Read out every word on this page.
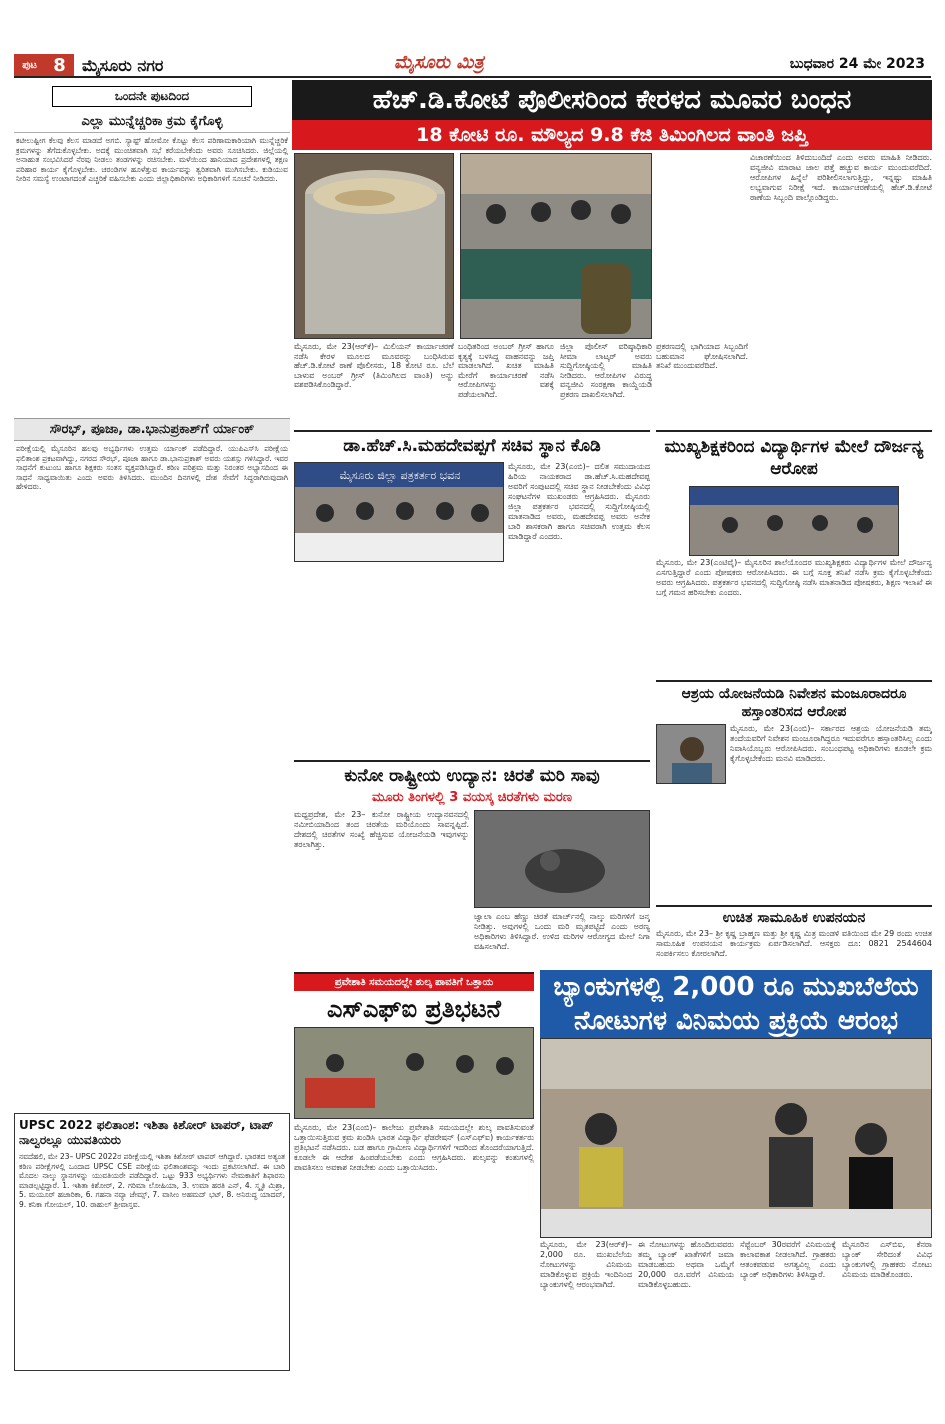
ಪುಟ 8 ಮೈಸೂರು ನಗರ	ಮೈಸೂರು ಮಿತ್ರ	ಬುಧವಾರ 24 ಮೇ 2023
ಒಂದನೇ ಪುಟದಿಂದ
ಎಲ್ಲಾ ಮುನ್ನೆಚ್ಚರಿಕಾ ಕ್ರಮ ಕೈಗೊಳ್ಳಿ
ಕಟೀಲುಷ್ಟೀಗ ಕೆಲವು ಕೆಲಸ ಮಾಡದೆ ಅಗಬಿ. ಸ್ಯಾಷ್ಟ್ ಹೋಮೋ ಕೊಟ್ಟು ಕೆಲಸ ಪರಿಣಾಮಕಾರಿಯಾಗಿ ಮುನ್ನೆಚ್ಚರಿಕೆ ಕ್ರಮಗಳನ್ನು ತೆಗೆದುಕೊಳ್ಳಬೇಕು. ಅದಕ್ಕೆ ಮುಂಚಿತವಾಗಿ ಸಭೆ ಕರೆಯಬೇಕೆಂದು ಅವರು ಸೂಚಿಸಿದರು. ಜಿಲ್ಲೆಯಲ್ಲಿ ಅನಾಹುತ ಸಂಭವಿಸಿದರೆ ನೆರವು ನೀಡಲು ತಂಡಗಳನ್ನು ರಚಿಸಬೇಕು. ಮಳೆಯಿಂದ ಹಾನಿಯಾದ ಪ್ರದೇಶಗಳಲ್ಲಿ ತಕ್ಷಣ ಪರಿಹಾರ ಕಾರ್ಯ ಕೈಗೊಳ್ಳಬೇಕು. ಚರಂಡಿಗಳ ಹೂಳೆತ್ತುವ ಕಾರ್ಯವನ್ನು ತ್ವರಿತವಾಗಿ ಮುಗಿಸಬೇಕು. ಕುಡಿಯುವ ನೀರಿನ ಸಮಸ್ಯೆ ಉಂಟಾಗದಂತೆ ಎಚ್ಚರಿಕೆ ವಹಿಸಬೇಕು ಎಂದು ಜಿಲ್ಲಾಧಿಕಾರಿಗಳು ಅಧಿಕಾರಿಗಳಿಗೆ ಸೂಚನೆ ನೀಡಿದರು.
ಸೌರಭ್, ಪೂಜಾ, ಡಾ.ಭಾನುಪ್ರಕಾಶ್‌ಗೆ ರ್ಯಾಂಕ್
ಪರೀಕ್ಷೆಯಲ್ಲಿ ಮೈಸೂರಿನ ಹಲವು ಅಭ್ಯರ್ಥಿಗಳು ಉತ್ತಮ ರ್ಯಾಂಕ್ ಪಡೆದಿದ್ದಾರೆ. ಯುಪಿಎಸ್‌ಸಿ ಪರೀಕ್ಷೆಯ ಫಲಿತಾಂಶ ಪ್ರಕಟವಾಗಿದ್ದು, ನಗರದ ಸೌರಭ್, ಪೂಜಾ ಹಾಗೂ ಡಾ.ಭಾನುಪ್ರಕಾಶ್ ಅವರು ಯಶಸ್ಸು ಗಳಿಸಿದ್ದಾರೆ. ಇವರ ಸಾಧನೆಗೆ ಕುಟುಂಬ ಹಾಗೂ ಶಿಕ್ಷಕರು ಸಂತಸ ವ್ಯಕ್ತಪಡಿಸಿದ್ದಾರೆ. ಕಠಿಣ ಪರಿಶ್ರಮ ಮತ್ತು ನಿರಂತರ ಅಭ್ಯಾಸದಿಂದ ಈ ಸಾಧನೆ ಸಾಧ್ಯವಾಯಿತು ಎಂದು ಅವರು ತಿಳಿಸಿದರು. ಮುಂದಿನ ದಿನಗಳಲ್ಲಿ ದೇಶ ಸೇವೆಗೆ ಸಿದ್ಧರಾಗಿರುವುದಾಗಿ ಹೇಳಿದರು.
UPSC 2022 ಫಲಿತಾಂಶ: ಇಶಿತಾ ಕಿಶೋರ್ ಟಾಪರ್, ಟಾಪ್ ನಾಲ್ವರಲ್ಲೂ ಯುವತಿಯರು
ನವದೆಹಲಿ, ಮೇ 23– UPSC 2022ರ ಪರೀಕ್ಷೆಯಲ್ಲಿ ಇಶಿತಾ ಕಿಶೋರ್ ಟಾಪರ್ ಆಗಿದ್ದಾರೆ. ಭಾರತದ ಅತ್ಯಂತ ಕಠಿಣ ಪರೀಕ್ಷೆಗಳಲ್ಲಿ ಒಂದಾದ UPSC CSE ಪರೀಕ್ಷೆಯ ಫಲಿತಾಂಶವನ್ನು ಇಂದು ಪ್ರಕಟಿಸಲಾಗಿದೆ. ಈ ಬಾರಿ ಮೊದಲ ನಾಲ್ಕು ಸ್ಥಾನಗಳನ್ನು ಯುವತಿಯರೇ ಪಡೆದಿದ್ದಾರೆ. ಒಟ್ಟು 933 ಅಭ್ಯರ್ಥಿಗಳು ನೇಮಕಾತಿಗೆ ಶಿಫಾರಸು ಮಾಡಲ್ಪಟ್ಟಿದ್ದಾರೆ. 1. ಇಶಿತಾ ಕಿಶೋರ್, 2. ಗರಿಮಾ ಲೋಹಿಯಾ, 3. ಉಮಾ ಹರತಿ ಎನ್, 4. ಸ್ಮೃತಿ ಮಿಶ್ರಾ, 5. ಮಯೂರ್ ಹಜಾರಿಕಾ, 6. ಗಹನಾ ನವ್ಯಾ ಜೇಮ್ಸ್, 7. ವಾಸೀಂ ಅಹಮದ್ ಭಟ್, 8. ಅನಿರುದ್ಧ ಯಾದವ್, 9. ಕನಿಕಾ ಗೋಯಲ್, 10. ರಾಹುಲ್ ಶ್ರೀವಾಸ್ತವ.
ಹೆಚ್.ಡಿ.ಕೋಟೆ ಪೊಲೀಸರಿಂದ ಕೇರಳದ ಮೂವರ ಬಂಧನ
18 ಕೋಟಿ ರೂ. ಮೌಲ್ಯದ 9.8 ಕೆಜಿ ತಿಮಿಂಗಿಲದ ವಾಂತಿ ಜಪ್ತಿ
ಮೈಸೂರು, ಮೇ 23(ಆರ್‌ಕೆ)– ಮಿಲಿಯನ್ ಕಾರ್ಯಾಚರಣೆ ನಡೆಸಿ ಕೇರಳ ಮೂಲದ ಮೂವರನ್ನು ಬಂಧಿಸಿರುವ ಹೆಚ್.ಡಿ.ಕೋಟೆ ಠಾಣೆ ಪೊಲೀಸರು, 18 ಕೋಟಿ ರೂ. ಬೆಲೆ ಬಾಳುವ ಅಂಬರ್ ಗ್ರೀಸ್ (ತಿಮಿಂಗಿಲದ ವಾಂತಿ) ಅನ್ನು ವಶಪಡಿಸಿಕೊಂಡಿದ್ದಾರೆ.
ಬಂಧಿತರಿಂದ ಅಂಬರ್ ಗ್ರೀಸ್ ಹಾಗೂ ಕೃತ್ಯಕ್ಕೆ ಬಳಸಿದ್ದ ವಾಹನವನ್ನು ಜಪ್ತಿ ಮಾಡಲಾಗಿದೆ. ಖಚಿತ ಮಾಹಿತಿ ಮೇರೆಗೆ ಕಾರ್ಯಾಚರಣೆ ನಡೆಸಿ ಆರೋಪಿಗಳನ್ನು ವಶಕ್ಕೆ ಪಡೆಯಲಾಗಿದೆ.
ಜಿಲ್ಲಾ ಪೊಲೀಸ್ ವರಿಷ್ಠಾಧಿಕಾರಿ ಸೀಮಾ ಲಾಟ್ಕರ್ ಅವರು ಸುದ್ದಿಗೋಷ್ಠಿಯಲ್ಲಿ ಮಾಹಿತಿ ನೀಡಿದರು. ಆರೋಪಿಗಳ ವಿರುದ್ಧ ವನ್ಯಜೀವಿ ಸಂರಕ್ಷಣಾ ಕಾಯ್ದೆಯಡಿ ಪ್ರಕರಣ ದಾಖಲಿಸಲಾಗಿದೆ.
ಪ್ರಕರಣದಲ್ಲಿ ಭಾಗಿಯಾದ ಸಿಬ್ಬಂದಿಗೆ ಬಹುಮಾನ ಘೋಷಿಸಲಾಗಿದೆ. ತನಿಖೆ ಮುಂದುವರೆದಿದೆ.
ವಿಚಾರಣೆಯಿಂದ ತಿಳಿದುಬಂದಿದೆ ಎಂದು ಅವರು ಮಾಹಿತಿ ನೀಡಿದರು. ವನ್ಯಜೀವಿ ಮಾರಾಟ ಜಾಲ ಪತ್ತೆ ಹಚ್ಚುವ ಕಾರ್ಯ ಮುಂದುವರೆದಿದೆ. ಆರೋಪಿಗಳ ಹಿನ್ನೆಲೆ ಪರಿಶೀಲಿಸಲಾಗುತ್ತಿದ್ದು, ಇನ್ನಷ್ಟು ಮಾಹಿತಿ ಲಭ್ಯವಾಗುವ ನಿರೀಕ್ಷೆ ಇದೆ. ಕಾರ್ಯಾಚರಣೆಯಲ್ಲಿ ಹೆಚ್.ಡಿ.ಕೋಟೆ ಠಾಣೆಯ ಸಿಬ್ಬಂದಿ ಪಾಲ್ಗೊಂಡಿದ್ದರು.
ಡಾ.ಹೆಚ್.ಸಿ.ಮಹದೇವಪ್ಪಗೆ ಸಚಿವ ಸ್ಥಾನ ಕೊಡಿ
ಮೈಸೂರು ಜಿಲ್ಲಾ ಪತ್ರಕರ್ತರ ಭವನ
ಮೈಸೂರು, ಮೇ 23(ಎಂಬಿ)– ದಲಿತ ಸಮುದಾಯದ ಹಿರಿಯ ನಾಯಕರಾದ ಡಾ.ಹೆಚ್.ಸಿ.ಮಹದೇವಪ್ಪ ಅವರಿಗೆ ಸಂಪುಟದಲ್ಲಿ ಸಚಿವ ಸ್ಥಾನ ನೀಡಬೇಕೆಂದು ವಿವಿಧ ಸಂಘಟನೆಗಳ ಮುಖಂಡರು ಆಗ್ರಹಿಸಿದರು. ಮೈಸೂರು ಜಿಲ್ಲಾ ಪತ್ರಕರ್ತರ ಭವನದಲ್ಲಿ ಸುದ್ದಿಗೋಷ್ಠಿಯಲ್ಲಿ ಮಾತನಾಡಿದ ಅವರು, ಮಹದೇವಪ್ಪ ಅವರು ಅನೇಕ ಬಾರಿ ಶಾಸಕರಾಗಿ ಹಾಗೂ ಸಚಿವರಾಗಿ ಉತ್ತಮ ಕೆಲಸ ಮಾಡಿದ್ದಾರೆ ಎಂದರು.
ಮುಖ್ಯಶಿಕ್ಷಕರಿಂದ ವಿದ್ಯಾರ್ಥಿಗಳ ಮೇಲೆ ದೌರ್ಜನ್ಯ ಆರೋಪ
ಮೈಸೂರು, ಮೇ 23(ಎಂಟಿವೈ)– ಮೈಸೂರಿನ ಶಾಲೆಯೊಂದರ ಮುಖ್ಯಶಿಕ್ಷಕರು ವಿದ್ಯಾರ್ಥಿಗಳ ಮೇಲೆ ದೌರ್ಜನ್ಯ ಎಸಗುತ್ತಿದ್ದಾರೆ ಎಂದು ಪೋಷಕರು ಆರೋಪಿಸಿದರು. ಈ ಬಗ್ಗೆ ಸೂಕ್ತ ತನಿಖೆ ನಡೆಸಿ ಕ್ರಮ ಕೈಗೊಳ್ಳಬೇಕೆಂದು ಅವರು ಆಗ್ರಹಿಸಿದರು. ಪತ್ರಕರ್ತರ ಭವನದಲ್ಲಿ ಸುದ್ದಿಗೋಷ್ಠಿ ನಡೆಸಿ ಮಾತನಾಡಿದ ಪೋಷಕರು, ಶಿಕ್ಷಣ ಇಲಾಖೆ ಈ ಬಗ್ಗೆ ಗಮನ ಹರಿಸಬೇಕು ಎಂದರು.
ಕುನೋ ರಾಷ್ಟ್ರೀಯ ಉದ್ಯಾನ: ಚಿರತೆ ಮರಿ ಸಾವು
ಮೂರು ತಿಂಗಳಲ್ಲಿ 3 ವಯಸ್ಕ ಚಿರತೆಗಳು ಮರಣ
ಮಧ್ಯಪ್ರದೇಶ, ಮೇ 23– ಕುನೋ ರಾಷ್ಟ್ರೀಯ ಉದ್ಯಾನವನದಲ್ಲಿ ನಮೀಬಿಯಾದಿಂದ ತಂದ ಚಿರತೆಯ ಮರಿಯೊಂದು ಸಾವನ್ನಪ್ಪಿದೆ. ದೇಶದಲ್ಲಿ ಚಿರತೆಗಳ ಸಂಖ್ಯೆ ಹೆಚ್ಚಿಸುವ ಯೋಜನೆಯಡಿ ಇವುಗಳನ್ನು ತರಲಾಗಿತ್ತು.
ಜ್ವಾಲಾ ಎಂಬ ಹೆಣ್ಣು ಚಿರತೆ ಮಾರ್ಚ್‌ನಲ್ಲಿ ನಾಲ್ಕು ಮರಿಗಳಿಗೆ ಜನ್ಮ ನೀಡಿತ್ತು. ಅವುಗಳಲ್ಲಿ ಒಂದು ಮರಿ ಮೃತಪಟ್ಟಿದೆ ಎಂದು ಅರಣ್ಯ ಅಧಿಕಾರಿಗಳು ತಿಳಿಸಿದ್ದಾರೆ. ಉಳಿದ ಮರಿಗಳ ಆರೋಗ್ಯದ ಮೇಲೆ ನಿಗಾ ವಹಿಸಲಾಗಿದೆ.
ಆಶ್ರಯ ಯೋಜನೆಯಡಿ ನಿವೇಶನ ಮಂಜೂರಾದರೂ ಹಸ್ತಾಂತರಿಸದ ಆರೋಪ
ಮೈಸೂರು, ಮೇ 23(ಎಂಬಿ)– ಸರ್ಕಾರದ ಆಶ್ರಯ ಯೋಜನೆಯಡಿ ತಮ್ಮ ತಂದೆಯವರಿಗೆ ನಿವೇಶನ ಮಂಜೂರಾಗಿದ್ದರೂ ಇದುವರೆಗೂ ಹಸ್ತಾಂತರಿಸಿಲ್ಲ ಎಂದು ನಿವಾಸಿಯೊಬ್ಬರು ಆರೋಪಿಸಿದರು. ಸಂಬಂಧಪಟ್ಟ ಅಧಿಕಾರಿಗಳು ಕೂಡಲೇ ಕ್ರಮ ಕೈಗೊಳ್ಳಬೇಕೆಂದು ಮನವಿ ಮಾಡಿದರು.
ಉಚಿತ ಸಾಮೂಹಿಕ ಉಪನಯನ
ಮೈಸೂರು, ಮೇ 23– ಶ್ರೀ ಕೃಷ್ಣ ಬ್ರಾಹ್ಮಣ ಮತ್ತು ಶ್ರೀ ಕೃಷ್ಣ ಮಿತ್ರ ಮಂಡಳಿ ವತಿಯಿಂದ ಮೇ 29 ರಂದು ಉಚಿತ ಸಾಮೂಹಿಕ ಉಪನಯನ ಕಾರ್ಯಕ್ರಮ ಏರ್ಪಡಿಸಲಾಗಿದೆ. ಆಸಕ್ತರು ದೂ: 0821 2544604 ಸಂಪರ್ಕಿಸಲು ಕೋರಲಾಗಿದೆ.
ಪ್ರವೇಶಾತಿ ಸಮಯದಲ್ಲೇ ಶುಲ್ಕ ಪಾವತಿಗೆ ಒತ್ತಾಯ
ಎಸ್‌ಎಫ್‌ಐ ಪ್ರತಿಭಟನೆ
ಮೈಸೂರು, ಮೇ 23(ಎಂಬಿ)– ಕಾಲೇಜು ಪ್ರವೇಶಾತಿ ಸಮಯದಲ್ಲೇ ಶುಲ್ಕ ಪಾವತಿಸುವಂತೆ ಒತ್ತಾಯಿಸುತ್ತಿರುವ ಕ್ರಮ ಖಂಡಿಸಿ ಭಾರತ ವಿದ್ಯಾರ್ಥಿ ಫೆಡರೇಷನ್ (ಎಸ್‌ಎಫ್‌ಐ) ಕಾರ್ಯಕರ್ತರು ಪ್ರತಿಭಟನೆ ನಡೆಸಿದರು. ಬಡ ಹಾಗೂ ಗ್ರಾಮೀಣ ವಿದ್ಯಾರ್ಥಿಗಳಿಗೆ ಇದರಿಂದ ತೊಂದರೆಯಾಗುತ್ತಿದೆ. ಕೂಡಲೇ ಈ ಆದೇಶ ಹಿಂಪಡೆಯಬೇಕು ಎಂದು ಆಗ್ರಹಿಸಿದರು. ಶುಲ್ಕವನ್ನು ಕಂತುಗಳಲ್ಲಿ ಪಾವತಿಸಲು ಅವಕಾಶ ನೀಡಬೇಕು ಎಂದು ಒತ್ತಾಯಿಸಿದರು.
ಬ್ಯಾಂಕುಗಳಲ್ಲಿ 2,000 ರೂ ಮುಖಬೆಲೆಯ
ನೋಟುಗಳ ವಿನಿಮಯ ಪ್ರಕ್ರಿಯೆ ಆರಂಭ
ಮೈಸೂರು, ಮೇ 23(ಆರ್‌ಕೆ)– 2,000 ರೂ. ಮುಖಬೆಲೆಯ ನೋಟುಗಳನ್ನು ವಿನಿಮಯ ಮಾಡಿಕೊಳ್ಳುವ ಪ್ರಕ್ರಿಯೆ ಇಂದಿನಿಂದ ಬ್ಯಾಂಕುಗಳಲ್ಲಿ ಆರಂಭವಾಗಿದೆ.
ಈ ನೋಟುಗಳನ್ನು ಹೊಂದಿರುವವರು ತಮ್ಮ ಬ್ಯಾಂಕ್ ಖಾತೆಗಳಿಗೆ ಜಮಾ ಮಾಡಬಹುದು ಅಥವಾ ಒಮ್ಮೆಗೆ 20,000 ರೂ.ವರೆಗೆ ವಿನಿಮಯ ಮಾಡಿಕೊಳ್ಳಬಹುದು.
ಸೆಪ್ಟೆಂಬರ್ 30ರವರೆಗೆ ವಿನಿಮಯಕ್ಕೆ ಕಾಲಾವಕಾಶ ನೀಡಲಾಗಿದೆ. ಗ್ರಾಹಕರು ಆತಂಕಪಡುವ ಅಗತ್ಯವಿಲ್ಲ ಎಂದು ಬ್ಯಾಂಕ್ ಅಧಿಕಾರಿಗಳು ತಿಳಿಸಿದ್ದಾರೆ.
ಮೈಸೂರಿನ ಎಸ್‌ಬಿಐ, ಕೆನರಾ ಬ್ಯಾಂಕ್ ಸೇರಿದಂತೆ ವಿವಿಧ ಬ್ಯಾಂಕುಗಳಲ್ಲಿ ಗ್ರಾಹಕರು ನೋಟು ವಿನಿಮಯ ಮಾಡಿಕೊಂಡರು.
